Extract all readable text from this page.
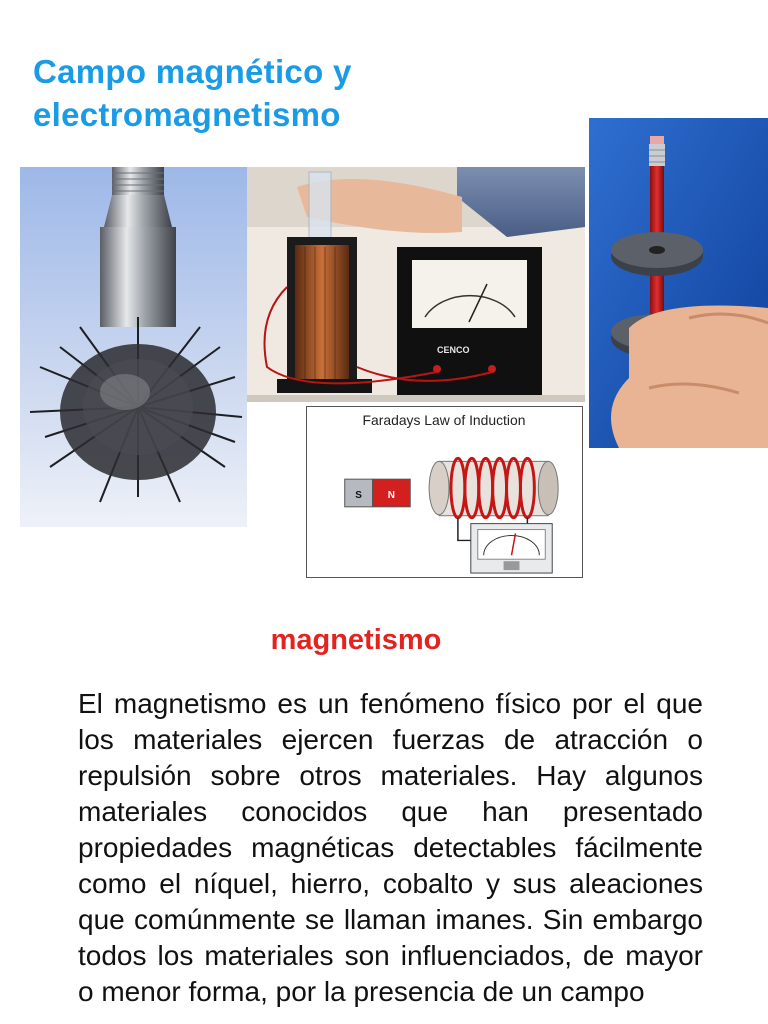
Campo magnético y
electromagnetismo
CENCO
Faradays Law of Induction
S	N
magnetismo

El magnetismo es un fenómeno físico por el que los materiales ejercen fuerzas de atracción o repulsión sobre otros materiales. Hay algunos materiales conocidos que han presentado propiedades magnéticas detectables fácilmente como el níquel, hierro, cobalto y sus aleaciones que comúnmente se llaman imanes. Sin embargo todos los materiales son influenciados, de mayor o menor forma, por la presencia de un campo
